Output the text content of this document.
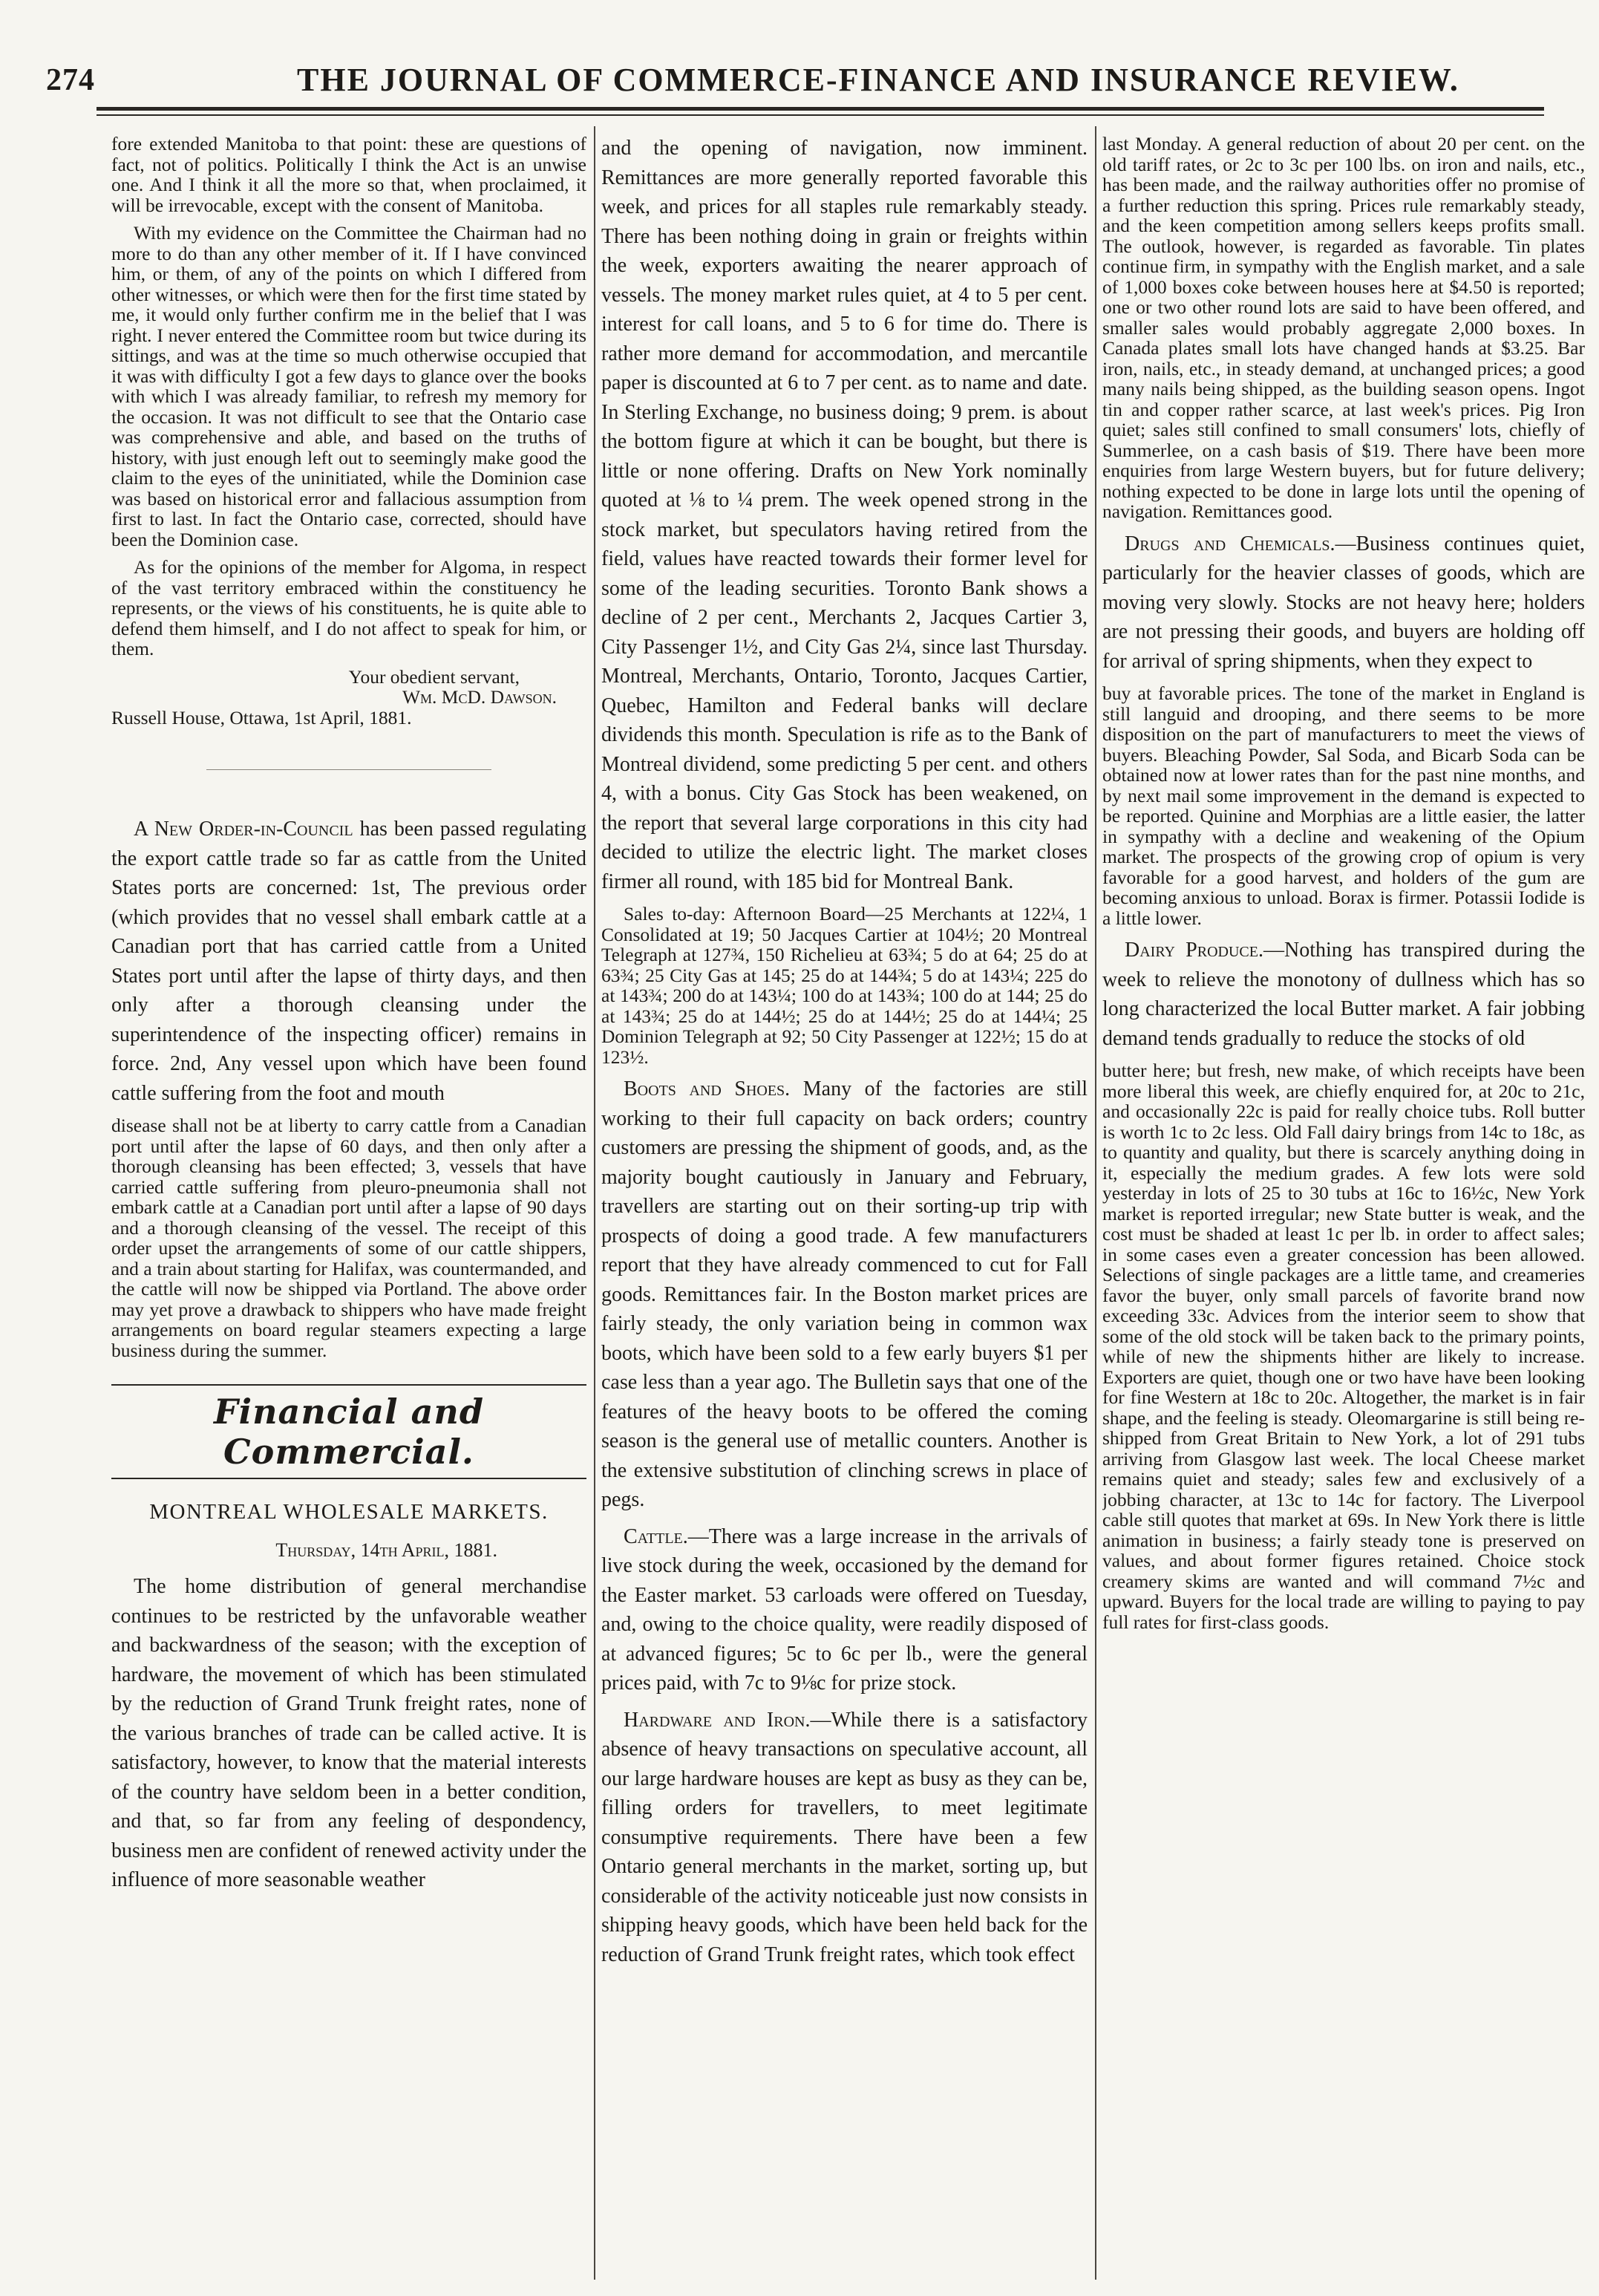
274	THE JOURNAL OF COMMERCE-FINANCE AND INSURANCE REVIEW.

fore extended Manitoba to that point: these are questions of fact, not of politics. Politically I think the Act is an unwise one. And I think it all the more so that, when proclaimed, it will be irrevocable, except with the consent of Manitoba.

With my evidence on the Committee the Chairman had no more to do than any other member of it. If I have convinced him, or them, of any of the points on which I differed from other witnesses, or which were then for the first time stated by me, it would only further confirm me in the belief that I was right. I never entered the Committee room but twice during its sittings, and was at the time so much otherwise occupied that it was with difficulty I got a few days to glance over the books with which I was already familiar, to refresh my memory for the occasion. It was not difficult to see that the Ontario case was comprehensive and able, and based on the truths of history, with just enough left out to seemingly make good the claim to the eyes of the uninitiated, while the Dominion case was based on historical error and fallacious assumption from first to last. In fact the Ontario case, corrected, should have been the Dominion case.

As for the opinions of the member for Algoma, in respect of the vast territory embraced within the constituency he represents, or the views of his constituents, he is quite able to defend them himself, and I do not affect to speak for him, or them.

Your obedient servant,

Wm. McD. Dawson.

Russell House, Ottawa, 1st April, 1881.

A New Order-in-Council has been passed regulating the export cattle trade so far as cattle from the United States ports are concerned: 1st, The previous order (which provides that no vessel shall embark cattle at a Canadian port that has carried cattle from a United States port until after the lapse of thirty days, and then only after a thorough cleansing under the superintendence of the inspecting officer) remains in force. 2nd, Any vessel upon which have been found cattle suffering from the foot and mouth

disease shall not be at liberty to carry cattle from a Canadian port until after the lapse of 60 days, and then only after a thorough cleansing has been effected; 3, vessels that have carried cattle suffering from pleuro-pneumonia shall not embark cattle at a Canadian port until after a lapse of 90 days and a thorough cleansing of the vessel. The receipt of this order upset the arrangements of some of our cattle shippers, and a train about starting for Halifax, was countermanded, and the cattle will now be shipped via Portland. The above order may yet prove a drawback to shippers who have made freight arrangements on board regular steamers expecting a large business during the summer.

Financial and Commercial.
MONTREAL WHOLESALE MARKETS.
Thursday, 14th April, 1881.

The home distribution of general merchandise continues to be restricted by the unfavorable weather and backwardness of the season; with the exception of hardware, the movement of which has been stimulated by the reduction of Grand Trunk freight rates, none of the various branches of trade can be called active. It is satisfactory, however, to know that the material interests of the country have seldom been in a better condition, and that, so far from any feeling of despondency, business men are confident of renewed activity under the influence of more seasonable weather

and the opening of navigation, now imminent. Remittances are more generally reported favorable this week, and prices for all staples rule remarkably steady. There has been nothing doing in grain or freights within the week, exporters awaiting the nearer approach of vessels. The money market rules quiet, at 4 to 5 per cent. interest for call loans, and 5 to 6 for time do. There is rather more demand for accommodation, and mercantile paper is discounted at 6 to 7 per cent. as to name and date. In Sterling Exchange, no business doing; 9 prem. is about the bottom figure at which it can be bought, but there is little or none offering. Drafts on New York nominally quoted at ⅛ to ¼ prem. The week opened strong in the stock market, but speculators having retired from the field, values have reacted towards their former level for some of the leading securities. Toronto Bank shows a decline of 2 per cent., Merchants 2, Jacques Cartier 3, City Passenger 1½, and City Gas 2¼, since last Thursday. Montreal, Merchants, Ontario, Toronto, Jacques Cartier, Quebec, Hamilton and Federal banks will declare dividends this month. Speculation is rife as to the Bank of Montreal dividend, some predicting 5 per cent. and others 4, with a bonus. City Gas Stock has been weakened, on the report that several large corporations in this city had decided to utilize the electric light. The market closes firmer all round, with 185 bid for Montreal Bank.

Sales to-day: Afternoon Board—25 Merchants at 122¼, 1 Consolidated at 19; 50 Jacques Cartier at 104½; 20 Montreal Telegraph at 127¾, 150 Richelieu at 63¾; 5 do at 64; 25 do at 63¾; 25 City Gas at 145; 25 do at 144¾; 5 do at 143¼; 225 do at 143¾; 200 do at 143¼; 100 do at 143¾; 100 do at 144; 25 do at 143¾; 25 do at 144½; 25 do at 144½; 25 do at 144¼; 25 Dominion Telegraph at 92; 50 City Passenger at 122½; 15 do at 123½.

Boots and Shoes. Many of the factories are still working to their full capacity on back orders; country customers are pressing the shipment of goods, and, as the majority bought cautiously in January and February, travellers are starting out on their sorting-up trip with prospects of doing a good trade. A few manufacturers report that they have already commenced to cut for Fall goods. Remittances fair. In the Boston market prices are fairly steady, the only variation being in common wax boots, which have been sold to a few early buyers $1 per case less than a year ago. The Bulletin says that one of the features of the heavy boots to be offered the coming season is the general use of metallic counters. Another is the extensive substitution of clinching screws in place of pegs.

Cattle.—There was a large increase in the arrivals of live stock during the week, occasioned by the demand for the Easter market. 53 carloads were offered on Tuesday, and, owing to the choice quality, were readily disposed of at advanced figures; 5c to 6c per lb., were the general prices paid, with 7c to 9⅛c for prize stock.

Hardware and Iron.—While there is a satisfactory absence of heavy transactions on speculative account, all our large hardware houses are kept as busy as they can be, filling orders for travellers, to meet legitimate consumptive requirements. There have been a few Ontario general merchants in the market, sorting up, but considerable of the activity noticeable just now consists in shipping heavy goods, which have been held back for the reduction of Grand Trunk freight rates, which took effect

last Monday. A general reduction of about 20 per cent. on the old tariff rates, or 2c to 3c per 100 lbs. on iron and nails, etc., has been made, and the railway authorities offer no promise of a further reduction this spring. Prices rule remarkably steady, and the keen competition among sellers keeps profits small. The outlook, however, is regarded as favorable. Tin plates continue firm, in sympathy with the English market, and a sale of 1,000 boxes coke between houses here at $4.50 is reported; one or two other round lots are said to have been offered, and smaller sales would probably aggregate 2,000 boxes. In Canada plates small lots have changed hands at $3.25. Bar iron, nails, etc., in steady demand, at unchanged prices; a good many nails being shipped, as the building season opens. Ingot tin and copper rather scarce, at last week's prices. Pig Iron quiet; sales still confined to small consumers' lots, chiefly of Summerlee, on a cash basis of $19. There have been more enquiries from large Western buyers, but for future delivery; nothing expected to be done in large lots until the opening of navigation. Remittances good.

Drugs and Chemicals.—Business continues quiet, particularly for the heavier classes of goods, which are moving very slowly. Stocks are not heavy here; holders are not pressing their goods, and buyers are holding off for arrival of spring shipments, when they expect to

buy at favorable prices. The tone of the market in England is still languid and drooping, and there seems to be more disposition on the part of manufacturers to meet the views of buyers. Bleaching Powder, Sal Soda, and Bicarb Soda can be obtained now at lower rates than for the past nine months, and by next mail some improvement in the demand is expected to be reported. Quinine and Morphias are a little easier, the latter in sympathy with a decline and weakening of the Opium market. The prospects of the growing crop of opium is very favorable for a good harvest, and holders of the gum are becoming anxious to unload. Borax is firmer. Potassii Iodide is a little lower.

Dairy Produce.—Nothing has transpired during the week to relieve the monotony of dullness which has so long characterized the local Butter market. A fair jobbing demand tends gradually to reduce the stocks of old

butter here; but fresh, new make, of which receipts have been more liberal this week, are chiefly enquired for, at 20c to 21c, and occasionally 22c is paid for really choice tubs. Roll butter is worth 1c to 2c less. Old Fall dairy brings from 14c to 18c, as to quantity and quality, but there is scarcely anything doing in it, especially the medium grades. A few lots were sold yesterday in lots of 25 to 30 tubs at 16c to 16½c, New York market is reported irregular; new State butter is weak, and the cost must be shaded at least 1c per lb. in order to affect sales; in some cases even a greater concession has been allowed. Selections of single packages are a little tame, and creameries favor the buyer, only small parcels of favorite brand now exceeding 33c. Advices from the interior seem to show that some of the old stock will be taken back to the primary points, while of new the shipments hither are likely to increase. Exporters are quiet, though one or two have have been looking for fine Western at 18c to 20c. Altogether, the market is in fair shape, and the feeling is steady. Oleomargarine is still being re-shipped from Great Britain to New York, a lot of 291 tubs arriving from Glasgow last week. The local Cheese market remains quiet and steady; sales few and exclusively of a jobbing character, at 13c to 14c for factory. The Liverpool cable still quotes that market at 69s. In New York there is little animation in business; a fairly steady tone is preserved on values, and about former figures retained. Choice stock creamery skims are wanted and will command 7½c and upward. Buyers for the local trade are willing to paying to pay full rates for first-class goods.
